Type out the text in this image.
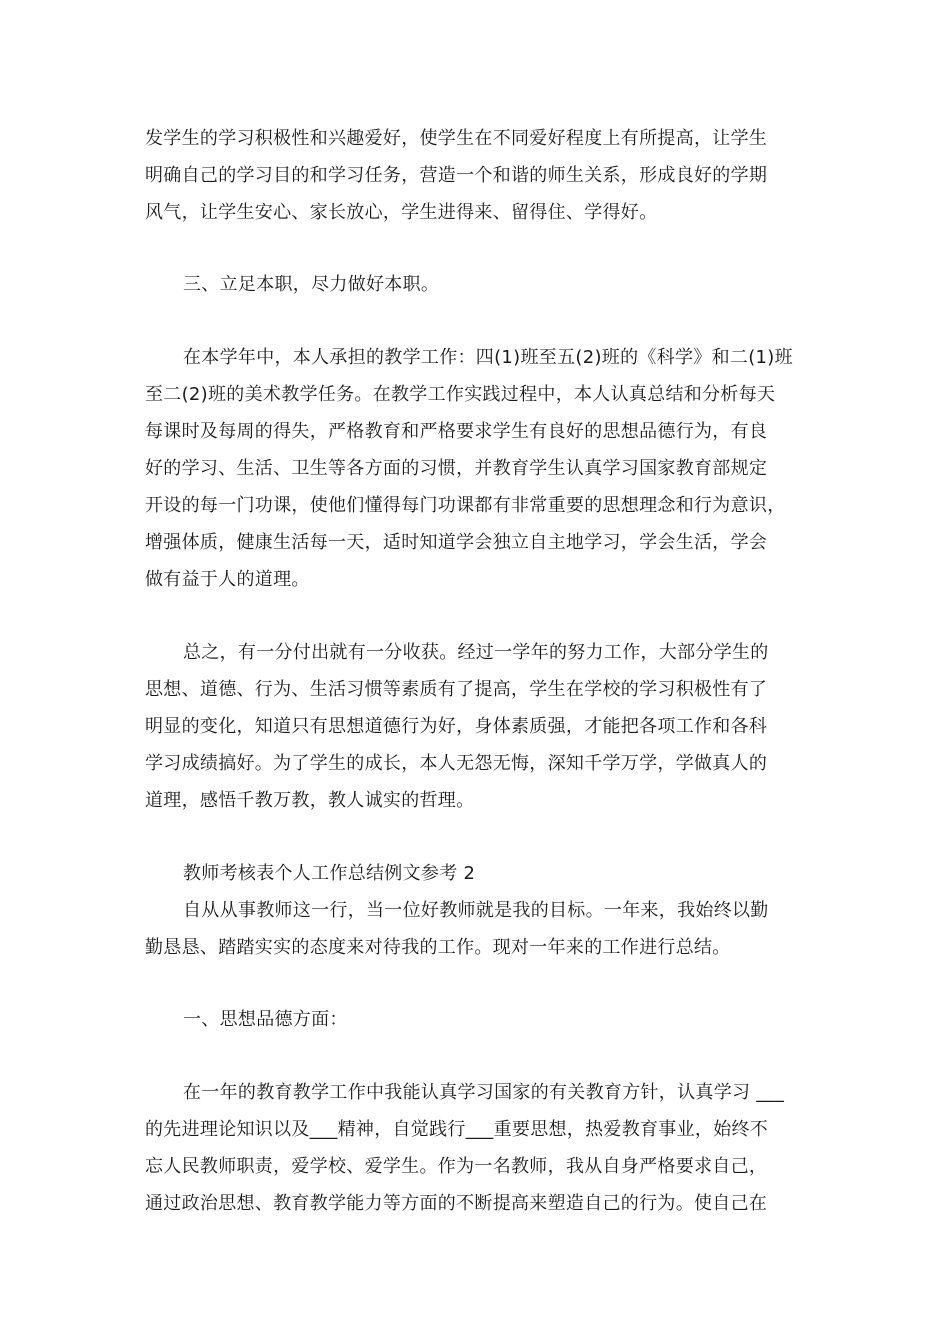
发学生的学习积极性和兴趣爱好，使学生在不同爱好程度上有所提高，让学生
明确自己的学习目的和学习任务，营造一个和谐的师生关系，形成良好的学期
风气，让学生安心、家长放心，学生进得来、留得住、学得好。
三、立足本职，尽力做好本职。
在本学年中，本人承担的教学工作：四(1)班至五(2)班的《科学》和二(1)班
至二(2)班的美术教学任务。在教学工作实践过程中，本人认真总结和分析每天
每课时及每周的得失，严格教育和严格要求学生有良好的思想品德行为，有良
好的学习、生活、卫生等各方面的习惯，并教育学生认真学习国家教育部规定
开设的每一门功课，使他们懂得每门功课都有非常重要的思想理念和行为意识，
增强体质，健康生活每一天，适时知道学会独立自主地学习，学会生活，学会
做有益于人的道理。
总之，有一分付出就有一分收获。经过一学年的努力工作，大部分学生的
思想、道德、行为、生活习惯等素质有了提高，学生在学校的学习积极性有了
明显的变化，知道只有思想道德行为好，身体素质强，才能把各项工作和各科
学习成绩搞好。为了学生的成长，本人无怨无悔，深知千学万学，学做真人的
道理，感悟千教万教，教人诚实的哲理。
教师考核表个人工作总结例文参考 2
自从从事教师这一行，当一位好教师就是我的目标。一年来，我始终以勤
勤恳恳、踏踏实实的态度来对待我的工作。现对一年来的工作进行总结。
一、思想品德方面：
在一年的教育教学工作中我能认真学习国家的有关教育方针，认真学习 ___
的先进理论知识以及___精神，自觉践行___重要思想，热爱教育事业，始终不
忘人民教师职责，爱学校、爱学生。作为一名教师，我从自身严格要求自己，
通过政治思想、教育教学能力等方面的不断提高来塑造自己的行为。使自己在
